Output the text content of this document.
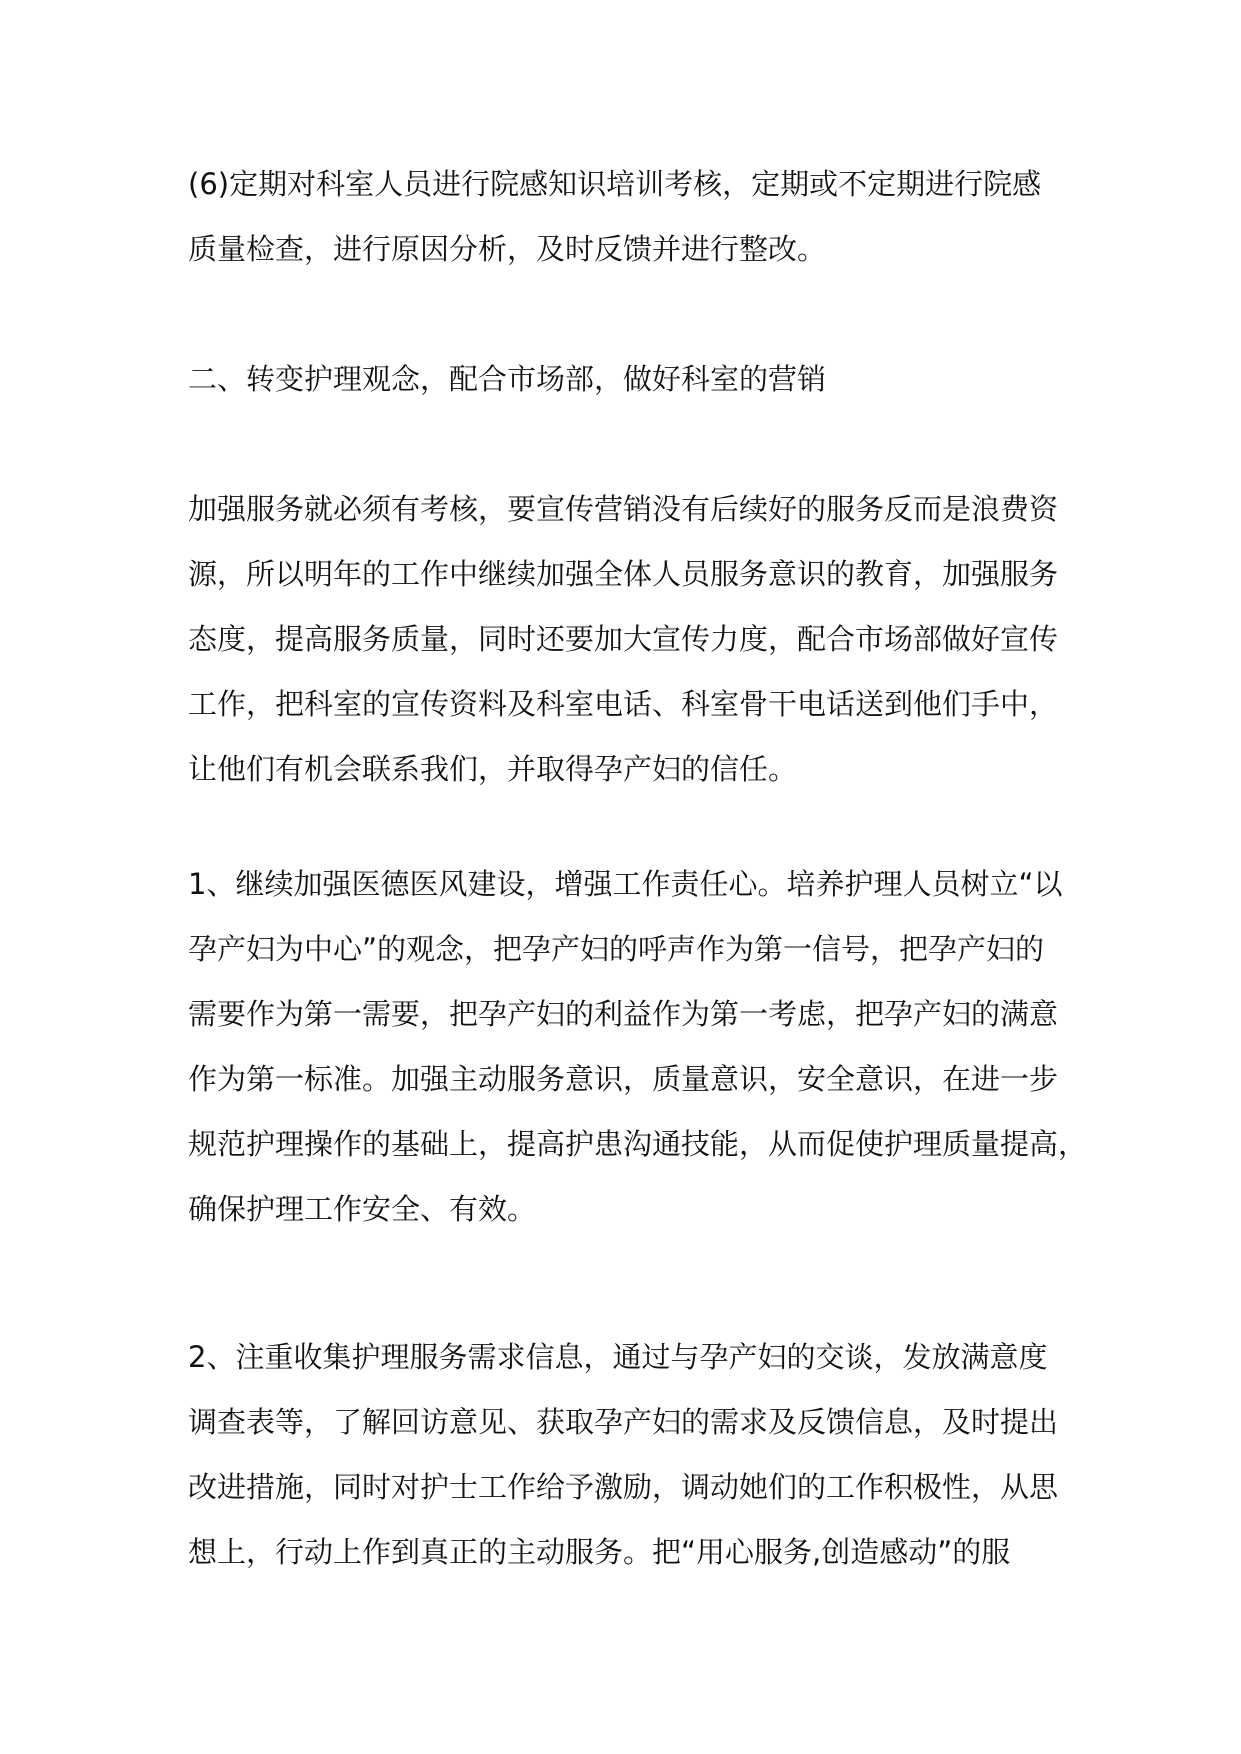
(6)定期对科室人员进行院感知识培训考核，定期或不定期进行院感
质量检查，进行原因分析，及时反馈并进行整改。

二、转变护理观念，配合市场部，做好科室的营销

加强服务就必须有考核，要宣传营销没有后续好的服务反而是浪费资
源，所以明年的工作中继续加强全体人员服务意识的教育，加强服务
态度，提高服务质量，同时还要加大宣传力度，配合市场部做好宣传
工作，把科室的宣传资料及科室电话、科室骨干电话送到他们手中，
让他们有机会联系我们，并取得孕产妇的信任。

1、继续加强医德医风建设，增强工作责任心。培养护理人员树立“以
孕产妇为中心”的观念，把孕产妇的呼声作为第一信号，把孕产妇的
需要作为第一需要，把孕产妇的利益作为第一考虑，把孕产妇的满意
作为第一标准。加强主动服务意识，质量意识，安全意识，在进一步
规范护理操作的基础上，提高护患沟通技能，从而促使护理质量提高，
确保护理工作安全、有效。

2、注重收集护理服务需求信息，通过与孕产妇的交谈，发放满意度
调查表等，了解回访意见、获取孕产妇的需求及反馈信息，及时提出
改进措施，同时对护士工作给予激励，调动她们的工作积极性，从思
想上，行动上作到真正的主动服务。把“用心服务,创造感动”的服
